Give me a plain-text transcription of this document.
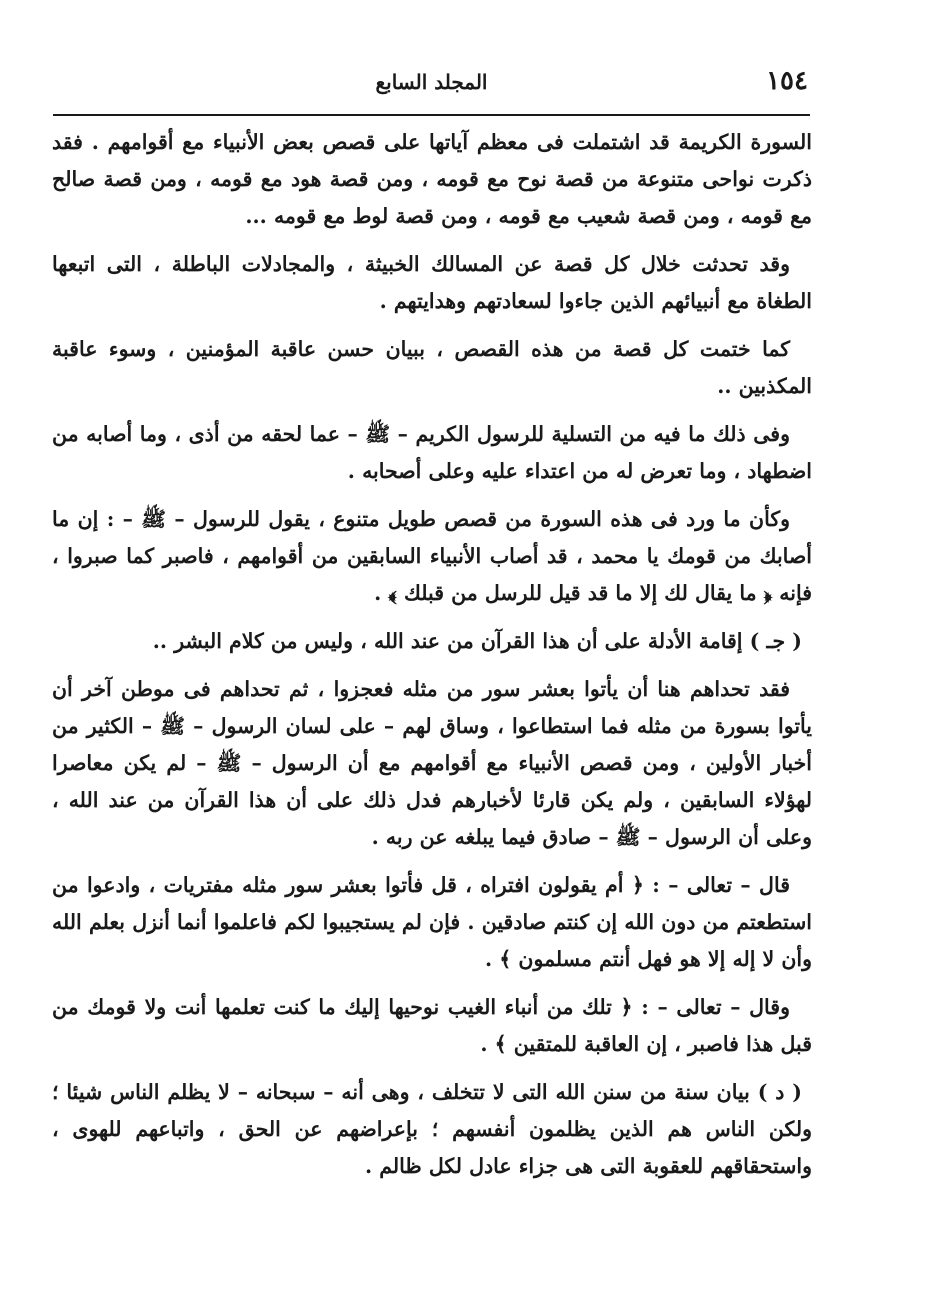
١٥٤
المجلد السابع

السورة الكريمة قد اشتملت فى معظم آياتها على قصص بعض الأنبياء مع أقوامهم . فقد ذكرت نواحى متنوعة من قصة نوح مع قومه ، ومن قصة هود مع قومه ، ومن قصة صالح مع قومه ، ومن قصة شعيب مع قومه ، ومن قصة لوط مع قومه ...

وقد تحدثت خلال كل قصة عن المسالك الخبيثة ، والمجادلات الباطلة ، التى اتبعها الطغاة مع أنبيائهم الذين جاءوا لسعادتهم وهدايتهم .

كما ختمت كل قصة من هذه القصص ، ببيان حسن عاقبة المؤمنين ، وسوء عاقبة المكذبين ..

وفى ذلك ما فيه من التسلية للرسول الكريم – ﷺ – عما لحقه من أذى ، وما أصابه من اضطهاد ، وما تعرض له من اعتداء عليه وعلى أصحابه .

وكأن ما ورد فى هذه السورة من قصص طويل متنوع ، يقول للرسول – ﷺ – : إن ما أصابك من قومك يا محمد ، قد أصاب الأنبياء السابقين من أقوامهم ، فاصبر كما صبروا ، فإنه ﴿ ما يقال لك إلا ما قد قيل للرسل من قبلك ﴾ .

( جـ ) إقامة الأدلة على أن هذا القرآن من عند الله ، وليس من كلام البشر ..

فقد تحداهم هنا أن يأتوا بعشر سور من مثله فعجزوا ، ثم تحداهم فى موطن آخر أن يأتوا بسورة من مثله فما استطاعوا ، وساق لهم – على لسان الرسول – ﷺ – الكثير من أخبار الأولين ، ومن قصص الأنبياء مع أقوامهم مع أن الرسول – ﷺ – لم يكن معاصرا لهؤلاء السابقين ، ولم يكن قارئا لأخبارهم فدل ذلك على أن هذا القرآن من عند الله ، وعلى أن الرسول – ﷺ – صادق فيما يبلغه عن ربه .

قال – تعالى – : ﴿ أم يقولون افتراه ، قل فأتوا بعشر سور مثله مفتريات ، وادعوا من استطعتم من دون الله إن كنتم صادقين . فإن لم يستجيبوا لكم فاعلموا أنما أنزل بعلم الله وأن لا إله إلا هو فهل أنتم مسلمون ﴾ .

وقال – تعالى – : ﴿ تلك من أنباء الغيب نوحيها إليك ما كنت تعلمها أنت ولا قومك من قبل هذا فاصبر ، إن العاقبة للمتقين ﴾ .

( د ) بيان سنة من سنن الله التى لا تتخلف ، وهى أنه – سبحانه – لا يظلم الناس شيئا ؛ ولكن الناس هم الذين يظلمون أنفسهم ؛ بإعراضهم عن الحق ، واتباعهم للهوى ، واستحقاقهم للعقوبة التى هى جزاء عادل لكل ظالم .
